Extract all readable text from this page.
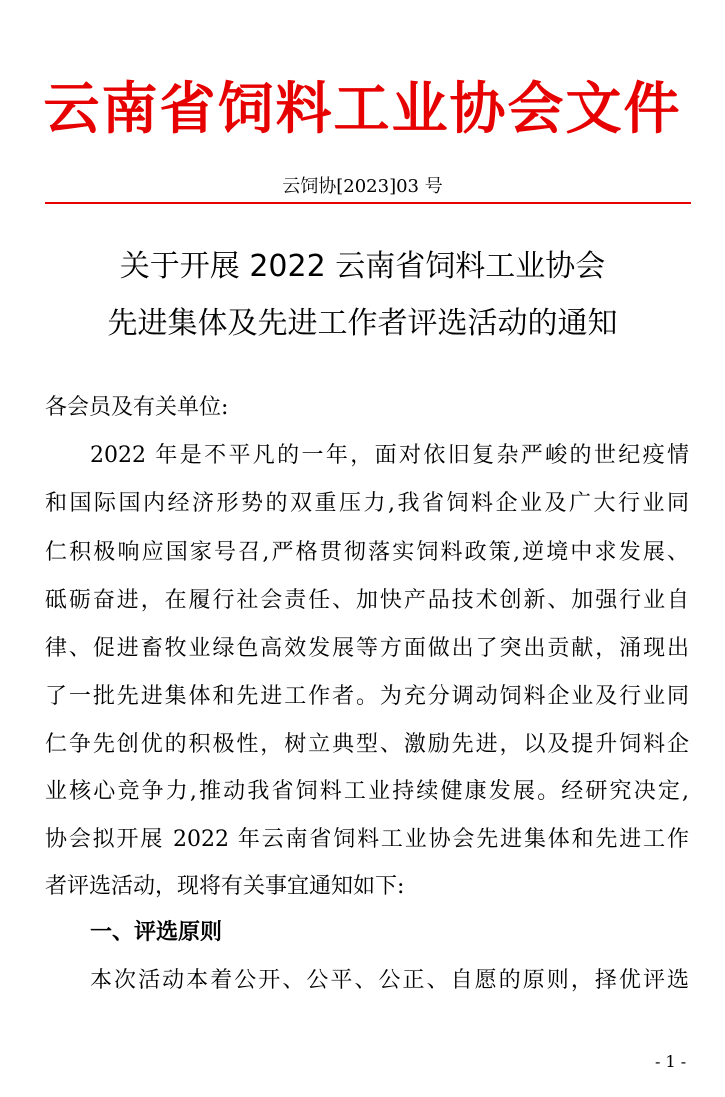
云南省饲料工业协会文件
云饲协[2023]03 号
关于开展 2022 云南省饲料工业协会
先进集体及先进工作者评选活动的通知
各会员及有关单位:
2022 年是不平凡的一年，面对依旧复杂严峻的世纪疫情
和国际国内经济形势的双重压力,我省饲料企业及广大行业同
仁积极响应国家号召,严格贯彻落实饲料政策,逆境中求发展、
砥砺奋进，在履行社会责任、加快产品技术创新、加强行业自
律、促进畜牧业绿色高效发展等方面做出了突出贡献，涌现出
了一批先进集体和先进工作者。为充分调动饲料企业及行业同
仁争先创优的积极性，树立典型、激励先进，以及提升饲料企
业核心竞争力,推动我省饲料工业持续健康发展。经研究决定,
协会拟开展 2022 年云南省饲料工业协会先进集体和先进工作
者评选活动，现将有关事宜通知如下:
一、评选原则
本次活动本着公开、公平、公正、自愿的原则，择优评选
- 1 -
